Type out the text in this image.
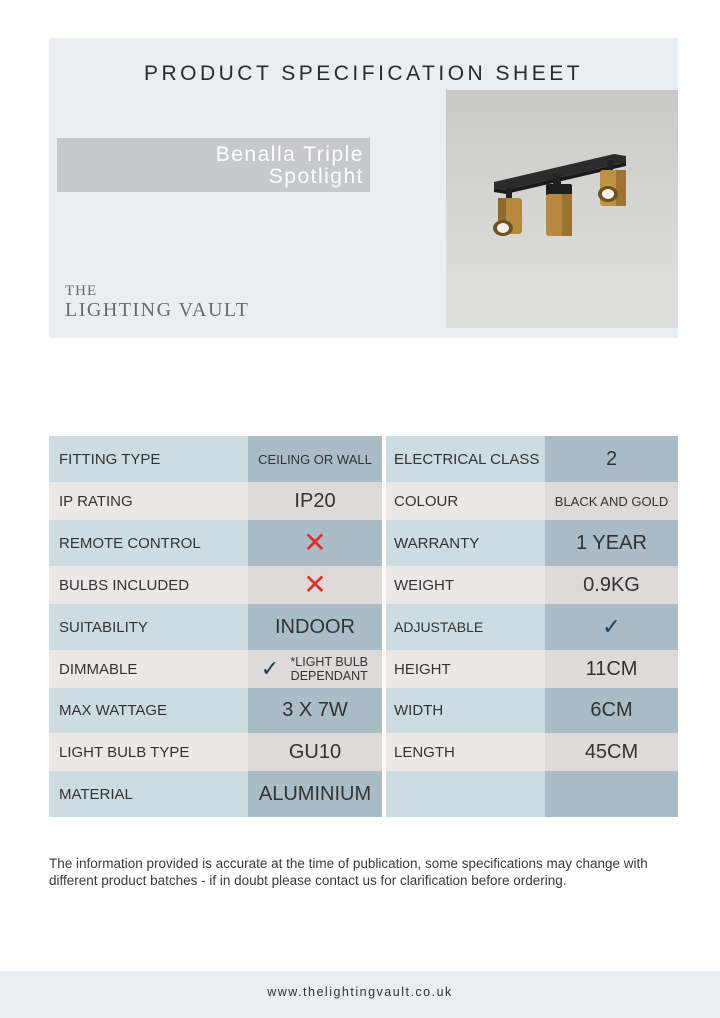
PRODUCT SPECIFICATION SHEET
Benalla Triple
Spotlight
THE
LIGHTING VAULT
FITTING TYPE	CEILING OR WALL	ELECTRICAL CLASS	2
IP RATING	IP20	COLOUR	BLACK AND GOLD
REMOTE CONTROL	✕	WARRANTY	1 YEAR
BULBS INCLUDED	✕	WEIGHT	0.9KG
SUITABILITY	INDOOR	ADJUSTABLE	✓
DIMMABLE	✓ *LIGHT BULB DEPENDANT	HEIGHT	11CM
MAX WATTAGE	3 X 7W	WIDTH	6CM
LIGHT BULB TYPE	GU10	LENGTH	45CM
MATERIAL	ALUMINIUM
The information provided is accurate at the time of publication, some specifications may change with different product batches - if in doubt please contact us for clarification before ordering.
www.thelightingvault.co.uk
